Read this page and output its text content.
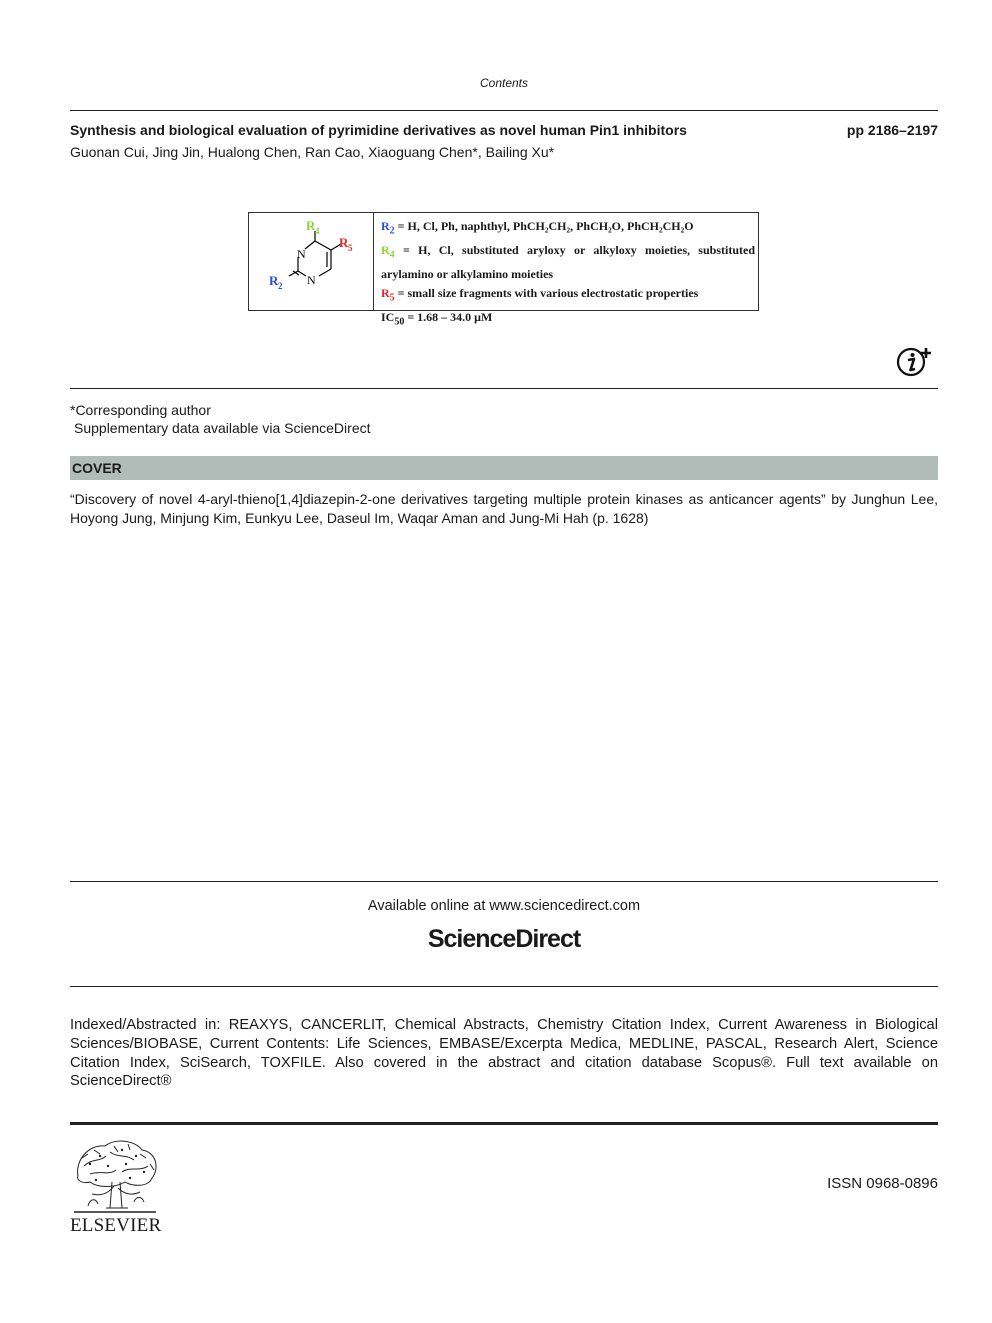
Contents
Synthesis and biological evaluation of pyrimidine derivatives as novel human Pin1 inhibitors	pp 2186–2197
Guonan Cui, Jing Jin, Hualong Chen, Ran Cao, Xiaoguang Chen*, Bailing Xu*
N
N
R 4
R 5
R 2
$R_2 = H$, Cl, Ph, naphthyl, PhCH₂CH₂, PhCH₂O, PhCH₂CH₂O
$R_4 = H$, Cl, substituted aryloxy or alkyloxy moieties, substituted
arylamino or alkylamino moieties
$R_5$ = small size fragments with various electrostatic properties
$IC_{50} = 1.68 - 34.0$ μM
*Corresponding author
Supplementary data available via ScienceDirect
COVER
“Discovery of novel 4-aryl-thieno[1,4]diazepin-2-one derivatives targeting multiple protein kinases as anticancer agents” by Junghun Lee, Hoyong Jung, Minjung Kim, Eunkyu Lee, Daseul Im, Waqar Aman and Jung-Mi Hah (p. 1628)
Available online at www.sciencedirect.com
ScienceDirect
Indexed/Abstracted in: REAXYS, CANCERLIT, Chemical Abstracts, Chemistry Citation Index, Current Awareness in Biological Sciences/BIOBASE, Current Contents: Life Sciences, EMBASE/Excerpta Medica, MEDLINE, PASCAL, Research Alert, Science Citation Index, SciSearch, TOXFILE. Also covered in the abstract and citation database Scopus®. Full text available on ScienceDirect®
ELSEVIER
ISSN 0968-0896
